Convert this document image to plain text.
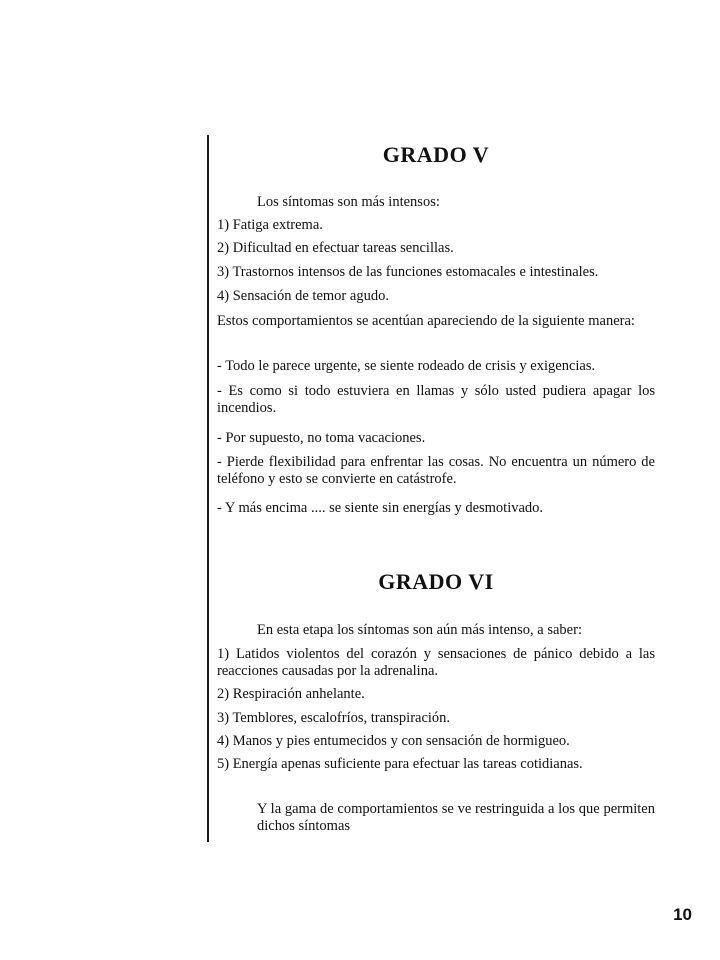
GRADO V
Los síntomas son más intensos:
1) Fatiga extrema.
2) Dificultad en efectuar tareas sencillas.
3) Trastornos intensos de las funciones estomacales e intestinales.
4) Sensación de temor agudo.
Estos comportamientos se acentúan apareciendo de la siguiente manera:
- Todo le parece urgente, se siente rodeado de crisis y exigencias.
- Es como si todo estuviera en llamas y sólo usted pudiera apagar los incendios.
- Por supuesto, no toma vacaciones.
- Pierde flexibilidad para enfrentar las cosas. No encuentra un número de teléfono y esto se convierte en catástrofe.
- Y más encima .... se siente sin energías y desmotivado.
GRADO VI
En esta etapa los síntomas son aún más intenso, a saber:
1) Latidos violentos del corazón y sensaciones de pánico debido a las reacciones causadas por la adrenalina.
2) Respiración anhelante.
3) Temblores, escalofríos, transpiración.
4) Manos y pies entumecidos y con sensación de hormigueo.
5) Energía apenas suficiente para efectuar las tareas cotidianas.
Y la gama de comportamientos se ve restringuida a los que permiten dichos síntomas
10
